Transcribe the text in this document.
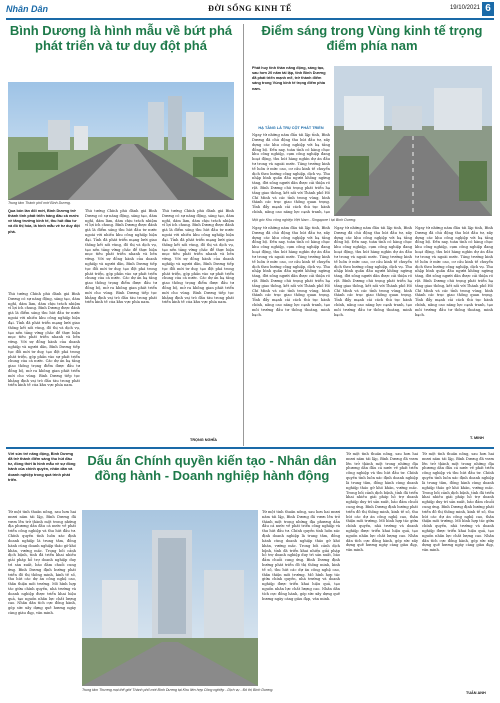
Nhân Dân	ĐỜI SỐNG KINH TẾ	19/10/2021 6
Bình Dương là hình mẫu về bứt phá phát triển và tư duy đột phá
Trung tâm Thành phố mới Bình Dương.
Qua bốn lần đổi mới, Bình Dương trở thành tỉnh phát triển hàng đầu cả nước về tăng trưởng kinh tế, thu hút đầu tư và đô thị hóa, là hình mẫu về tư duy đột phá.
Thủ tướng Chính phủ đánh giá Bình Dương có sự năng động, sáng tạo, dám nghĩ, dám làm, dám chịu trách nhiệm vì lợi ích chung. Bình Dương được đánh giá là điểm sáng thu hút đầu tư nước ngoài với nhiều khu công nghiệp hiện đại. Tỉnh đã phát triển mạng lưới giao thông kết nối vùng, đô thị và dịch vụ, tạo nền tảng vững chắc để thực hiện mục tiêu phát triển nhanh và bền vững. Với sự đồng hành của doanh nghiệp và người dân, Bình Dương tiếp tục đổi mới tư duy, tạo đột phá trong phát triển, góp phần vào sự phát triển chung của cả nước. Các dự án hạ tầng giao thông trọng điểm được đầu tư đồng bộ, mở ra không gian phát triển mới cho vùng. Bình Dương tiếp tục khẳng định vai trò đầu tàu trong phát triển kinh tế của khu vực phía nam.
Thủ tướng Chính phủ đánh giá Bình Dương có sự năng động, sáng tạo, dám nghĩ, dám làm, dám chịu trách nhiệm vì lợi ích chung. Bình Dương được đánh giá là điểm sáng thu hút đầu tư nước ngoài với nhiều khu công nghiệp hiện đại. Tỉnh đã phát triển mạng lưới giao thông kết nối vùng, đô thị và dịch vụ, tạo nền tảng vững chắc để thực hiện mục tiêu phát triển nhanh và bền vững. Với sự đồng hành của doanh nghiệp và người dân, Bình Dương tiếp tục đổi mới tư duy, tạo đột phá trong phát triển, góp phần vào sự phát triển chung của cả nước. Các dự án hạ tầng giao thông trọng điểm được đầu tư đồng bộ, mở ra không gian phát triển mới cho vùng. Bình Dương tiếp tục khẳng định vai trò đầu tàu trong phát triển kinh tế của khu vực phía nam.
Thủ tướng Chính phủ đánh giá Bình Dương có sự năng động, sáng tạo, dám nghĩ, dám làm, dám chịu trách nhiệm vì lợi ích chung. Bình Dương được đánh giá là điểm sáng thu hút đầu tư nước ngoài với nhiều khu công nghiệp hiện đại. Tỉnh đã phát triển mạng lưới giao thông kết nối vùng, đô thị và dịch vụ, tạo nền tảng vững chắc để thực hiện mục tiêu phát triển nhanh và bền vững. Với sự đồng hành của doanh nghiệp và người dân, Bình Dương tiếp tục đổi mới tư duy, tạo đột phá trong phát triển, góp phần vào sự phát triển chung của cả nước. Các dự án hạ tầng giao thông trọng điểm được đầu tư đồng bộ, mở ra không gian phát triển mới cho vùng. Bình Dương tiếp tục khẳng định vai trò đầu tàu trong phát triển kinh tế của khu vực phía nam.
TRỌNG NGHĨA
Điểm sáng trong Vùng kinh tế trọng điểm phía nam
Phát huy tinh thần năng động, sáng tạo, sau hơn 20 năm tái lập, tỉnh Bình Dương đã phát triển mạnh mẽ, trở thành điểm sáng trong Vùng kinh tế trọng điểm phía nam.
HẠ TẦNG LÀ TRỤ CỘT PHÁT TRIỂN
Ngay từ những năm đầu tái lập tỉnh, Bình Dương đã chủ động thu hút đầu tư, xây dựng các khu công nghiệp với hạ tầng đồng bộ. Đến nay, toàn tỉnh có hàng chục khu công nghiệp, cụm công nghiệp đang hoạt động, thu hút hàng nghìn dự án đầu tư trong và ngoài nước. Tăng trưởng kinh tế luôn ở mức cao, cơ cấu kinh tế chuyển dịch theo hướng công nghiệp, dịch vụ. Thu nhập bình quân đầu người không ngừng tăng, đời sống người dân được cải thiện rõ rệt. Bình Dương chú trọng phát triển hạ tầng giao thông, kết nối với Thành phố Hồ Chí Minh và các tỉnh trong vùng, hình thành các trục giao thông quan trọng. Tỉnh đẩy mạnh cải cách thủ tục hành chính, nâng cao năng lực cạnh tranh, tạo
Một góc Khu công nghiệp Việt Nam - Singapore I tại Bình Dương.
Ngay từ những năm đầu tái lập tỉnh, Bình Dương đã chủ động thu hút đầu tư, xây dựng các khu công nghiệp với hạ tầng đồng bộ. Đến nay, toàn tỉnh có hàng chục khu công nghiệp, cụm công nghiệp đang hoạt động, thu hút hàng nghìn dự án đầu tư trong và ngoài nước. Tăng trưởng kinh tế luôn ở mức cao, cơ cấu kinh tế chuyển dịch theo hướng công nghiệp, dịch vụ. Thu nhập bình quân đầu người không ngừng tăng, đời sống người dân được cải thiện rõ rệt. Bình Dương chú trọng phát triển hạ tầng giao thông, kết nối với Thành phố Hồ Chí Minh và các tỉnh trong vùng, hình thành các trục giao thông quan trọng. Tỉnh đẩy mạnh cải cách thủ tục hành chính, nâng cao năng lực cạnh tranh, tạo môi trường đầu tư thông thoáng, minh bạch.
Ngay từ những năm đầu tái lập tỉnh, Bình Dương đã chủ động thu hút đầu tư, xây dựng các khu công nghiệp với hạ tầng đồng bộ. Đến nay, toàn tỉnh có hàng chục khu công nghiệp, cụm công nghiệp đang hoạt động, thu hút hàng nghìn dự án đầu tư trong và ngoài nước. Tăng trưởng kinh tế luôn ở mức cao, cơ cấu kinh tế chuyển dịch theo hướng công nghiệp, dịch vụ. Thu nhập bình quân đầu người không ngừng tăng, đời sống người dân được cải thiện rõ rệt. Bình Dương chú trọng phát triển hạ tầng giao thông, kết nối với Thành phố Hồ Chí Minh và các tỉnh trong vùng, hình thành các trục giao thông quan trọng. Tỉnh đẩy mạnh cải cách thủ tục hành chính, nâng cao năng lực cạnh tranh, tạo môi trường đầu tư thông thoáng, minh bạch.
Ngay từ những năm đầu tái lập tỉnh, Bình Dương đã chủ động thu hút đầu tư, xây dựng các khu công nghiệp với hạ tầng đồng bộ. Đến nay, toàn tỉnh có hàng chục khu công nghiệp, cụm công nghiệp đang hoạt động, thu hút hàng nghìn dự án đầu tư trong và ngoài nước. Tăng trưởng kinh tế luôn ở mức cao, cơ cấu kinh tế chuyển dịch theo hướng công nghiệp, dịch vụ. Thu nhập bình quân đầu người không ngừng tăng, đời sống người dân được cải thiện rõ rệt. Bình Dương chú trọng phát triển hạ tầng giao thông, kết nối với Thành phố Hồ Chí Minh và các tỉnh trong vùng, hình thành các trục giao thông quan trọng. Tỉnh đẩy mạnh cải cách thủ tục hành chính, nâng cao năng lực cạnh tranh, tạo môi trường đầu tư thông thoáng, minh bạch.
T. MINH
Với sức trẻ năng động, Bình Dương đã trở thành điểm sáng thu hút đầu tư, đồng thời là hình mẫu về sự đồng hành của chính quyền, nhân dân và doanh nghiệp trong quá trình phát triển.
Từ một tỉnh thuần nông, sau hơn hai mươi năm tái lập, Bình Dương đã vươn lên trở thành một trong những địa phương dẫn đầu cả nước về phát triển công nghiệp và thu hút đầu tư. Chính quyền tỉnh luôn xác định doanh nghiệp là trung tâm, đồng hành cùng doanh nghiệp tháo gỡ khó khăn, vướng mắc. Trong bối cảnh dịch bệnh, tỉnh đã triển khai nhiều giải pháp hỗ trợ doanh nghiệp duy trì sản xuất, bảo đảm chuỗi cung ứng. Bình Dương định hướng phát triển đô thị thông minh, kinh tế số, thu hút các dự án công nghệ cao, thân thiện môi trường. Mô hình hợp tác giữa chính quyền, nhà trường và doanh nghiệp được triển khai hiệu quả, tạo nguồn nhân lực chất lượng cao. Nhân dân tích cực đồng hành, góp sức xây dựng quê hương ngày càng giàu đẹp, văn minh.
Dấu ấn Chính quyền kiến tạo - Nhân dân đồng hành - Doanh nghiệp hành động
Trung tâm Thương mại thế giới Thành phố mới Bình Dương tại Khu liên hợp Công nghiệp - Dịch vụ - Đô thị Bình Dương.
Từ một tỉnh thuần nông, sau hơn hai mươi năm tái lập, Bình Dương đã vươn lên trở thành một trong những địa phương dẫn đầu cả nước về phát triển công nghiệp và thu hút đầu tư. Chính quyền tỉnh luôn xác định doanh nghiệp là trung tâm, đồng hành cùng doanh nghiệp tháo gỡ khó khăn, vướng mắc. Trong bối cảnh dịch bệnh, tỉnh đã triển khai nhiều giải pháp hỗ trợ doanh nghiệp duy trì sản xuất, bảo đảm chuỗi cung ứng. Bình Dương định hướng phát triển đô thị thông minh, kinh tế số, thu hút các dự án công nghệ cao, thân thiện môi trường. Mô hình hợp tác giữa chính quyền, nhà trường và doanh nghiệp được triển khai hiệu quả, tạo nguồn nhân lực chất lượng cao. Nhân dân tích cực đồng hành, góp sức xây dựng quê hương ngày càng giàu đẹp, văn minh.
Từ một tỉnh thuần nông, sau hơn hai mươi năm tái lập, Bình Dương đã vươn lên trở thành một trong những địa phương dẫn đầu cả nước về phát triển công nghiệp và thu hút đầu tư. Chính quyền tỉnh luôn xác định doanh nghiệp là trung tâm, đồng hành cùng doanh nghiệp tháo gỡ khó khăn, vướng mắc. Trong bối cảnh dịch bệnh, tỉnh đã triển khai nhiều giải pháp hỗ trợ doanh nghiệp duy trì sản xuất, bảo đảm chuỗi cung ứng. Bình Dương định hướng phát triển đô thị thông minh, kinh tế số, thu hút các dự án công nghệ cao, thân thiện môi trường. Mô hình hợp tác giữa chính quyền, nhà trường và doanh nghiệp được triển khai hiệu quả, tạo nguồn nhân lực chất lượng cao. Nhân dân tích cực đồng hành, góp sức xây dựng quê hương ngày càng giàu đẹp, văn minh.
Từ một tỉnh thuần nông, sau hơn hai mươi năm tái lập, Bình Dương đã vươn lên trở thành một trong những địa phương dẫn đầu cả nước về phát triển công nghiệp và thu hút đầu tư. Chính quyền tỉnh luôn xác định doanh nghiệp là trung tâm, đồng hành cùng doanh nghiệp tháo gỡ khó khăn, vướng mắc. Trong bối cảnh dịch bệnh, tỉnh đã triển khai nhiều giải pháp hỗ trợ doanh nghiệp duy trì sản xuất, bảo đảm chuỗi cung ứng. Bình Dương định hướng phát triển đô thị thông minh, kinh tế số, thu hút các dự án công nghệ cao, thân thiện môi trường. Mô hình hợp tác giữa chính quyền, nhà trường và doanh nghiệp được triển khai hiệu quả, tạo nguồn nhân lực chất lượng cao. Nhân dân tích cực đồng hành, góp sức xây dựng quê hương ngày càng giàu đẹp, văn minh.
TUẤN ANH
